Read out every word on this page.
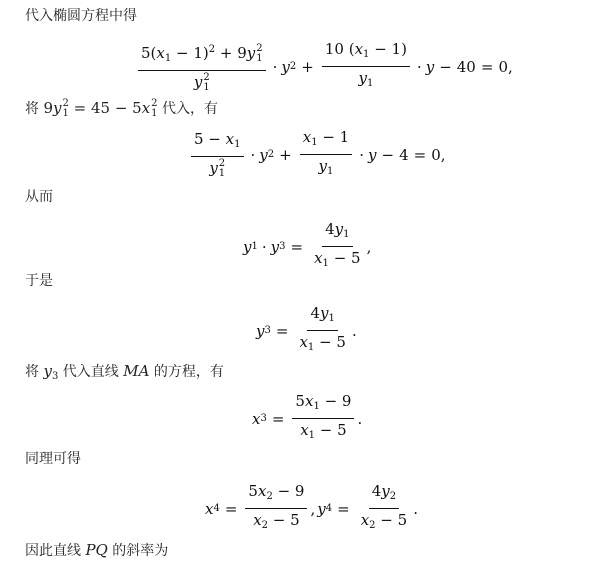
代入椭圆方程中得
$5(x_1 - 1)^2 + 9y$ 2
1
y 2
1 · y $2 + \frac{10 (x_1 - 1)}{y_1} \cdot y - 40 = 0$,
将 9y 2
1 = 45 − 5x 2
1 代入，有
$5 - x_1$
y 2
1 · y $2 + \frac{x_1 - 1}{y_1} \cdot y - 4 = 0$,
从而
y 1 · y $3 = \frac{4y_1}{x_1 - 5}$ ,
于是
y $3 = \frac{4y_1}{x_1 - 5}$ .
将 $y_3$ 代入直线 MA 的方程，有
x $3 = \frac{5x_1 - 9}{x_1 - 5}$ .
同理可得
x $4 = \frac{5x_2 - 9}{x_2 - 5}$ , y $4 = \frac{4y_2}{x_2 - 5}$ .
因此直线 PQ 的斜率为
